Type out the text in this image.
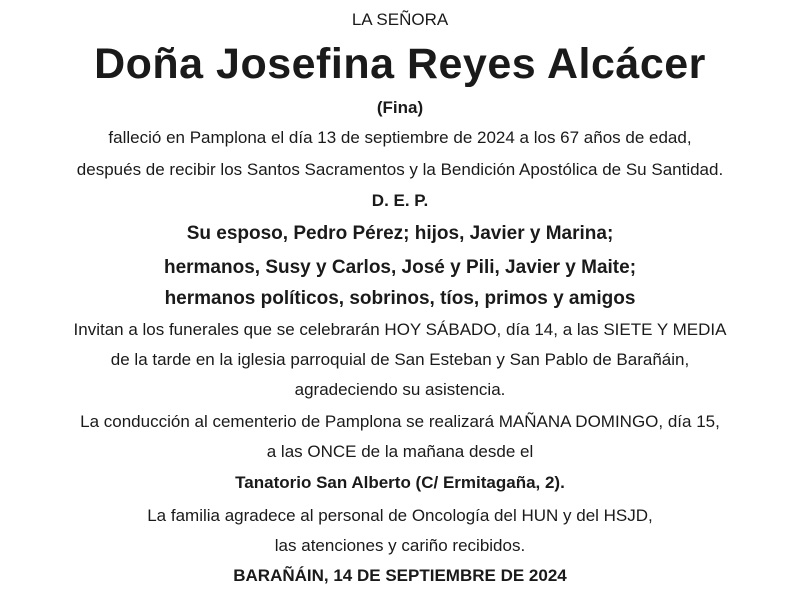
LA SEÑORA
Doña Josefina Reyes Alcácer
(Fina)
falleció en Pamplona el día 13 de septiembre de 2024 a los 67 años de edad,
después de recibir los Santos Sacramentos y la Bendición Apostólica de Su Santidad.
D. E. P.
Su esposo, Pedro Pérez; hijos, Javier y Marina;
hermanos, Susy y Carlos, José y Pili, Javier y Maite;
hermanos políticos, sobrinos, tíos, primos y amigos
Invitan a los funerales que se celebrarán HOY SÁBADO, día 14, a las SIETE Y MEDIA
de la tarde en la iglesia parroquial de San Esteban y San Pablo de Barañáin,
agradeciendo su asistencia.
La conducción al cementerio de Pamplona se realizará MAÑANA DOMINGO, día 15,
a las ONCE de la mañana desde el
Tanatorio San Alberto (C/ Ermitagaña, 2).
La familia agradece al personal de Oncología del HUN y del HSJD,
las atenciones y cariño recibidos.
BARAÑÁIN, 14 DE SEPTIEMBRE DE 2024
